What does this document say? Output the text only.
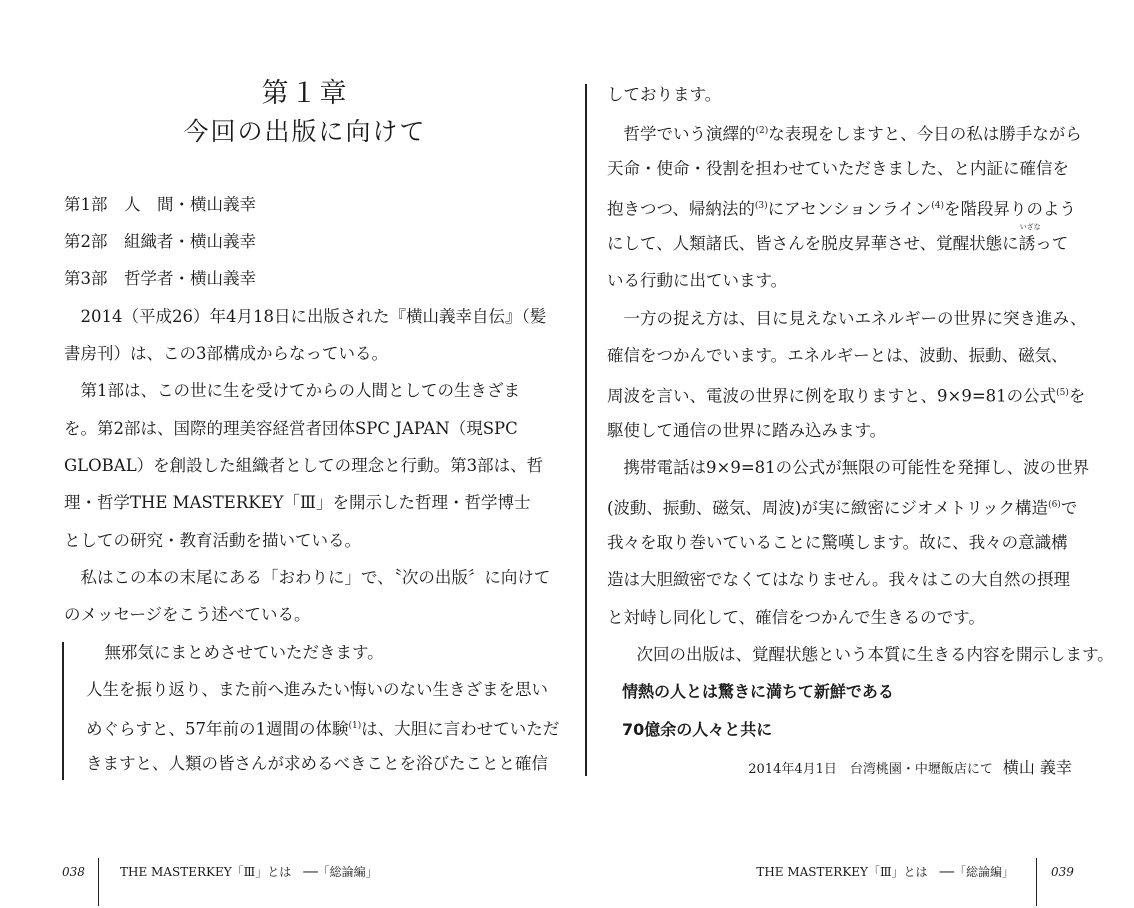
第１章
今回の出版に向けて
第1部　人　間・横山義幸
第2部　組織者・横山義幸
第3部　哲学者・横山義幸
　2014（平成26）年4月18日に出版された『横山義幸自伝』（髪
書房刊）は、この3部構成からなっている。
　第1部は、この世に生を受けてからの人間としての生きざま
を。第2部は、国際的理美容経営者団体SPC JAPAN（現SPC
GLOBAL）を創設した組織者としての理念と行動。第3部は、哲
理・哲学THE MASTERKEY「Ⅲ」を開示した哲理・哲学博士
としての研究・教育活動を描いている。
　私はこの本の末尾にある「おわりに」で、〝次の出版〞に向けて
のメッセージをこう述べている。
　無邪気にまとめさせていただきます。
人生を振り返り、また前へ進みたい悔いのない生きざまを思い
めぐらすと、57年前の1週間の体験$^{(1)}$は、大胆に言わせていただ
きますと、人類の皆さんが求めるべきことを浴びたことと確信
しております。
　哲学でいう演繹的$^{(2)}$な表現をしますと、今日の私は勝手ながら
天命・使命・役割を担わせていただきました、と内証に確信を
抱きつつ、帰納法的$^{(3)}$にアセンションライン$^{(4)}$を階段昇りのよう
にして、人類諸氏、皆さんを脱皮昇華させ、覚醒状態に
いざな
誘って
いる行動に出ています。
　一方の捉え方は、目に見えないエネルギーの世界に突き進み、
確信をつかんでいます。エネルギーとは、波動、振動、磁気、
周波を言い、電波の世界に例を取りますと、9×9=81の公式$^{(5)}$を
駆使して通信の世界に踏み込みます。
　携帯電話は9×9=81の公式が無限の可能性を発揮し、波の世界
(波動、振動、磁気、周波)が実に緻密にジオメトリック構造$^{(6)}$で
我々を取り巻いていることに驚嘆します。故に、我々の意識構
造は大胆緻密でなくてはなりません。我々はこの大自然の摂理
と対峙し同化して、確信をつかんで生きるのです。
　次回の出版は、覚醒状態という本質に生きる内容を開示します。
情熱の人とは驚きに満ちて新鮮である
70億余の人々と共に
2014年4月1日　台湾桃園・中壢飯店にて 横山 義幸
038	THE MASTERKEY「Ⅲ」とは　──「総論編」	THE MASTERKEY「Ⅲ」とは　──「総論編」	039
